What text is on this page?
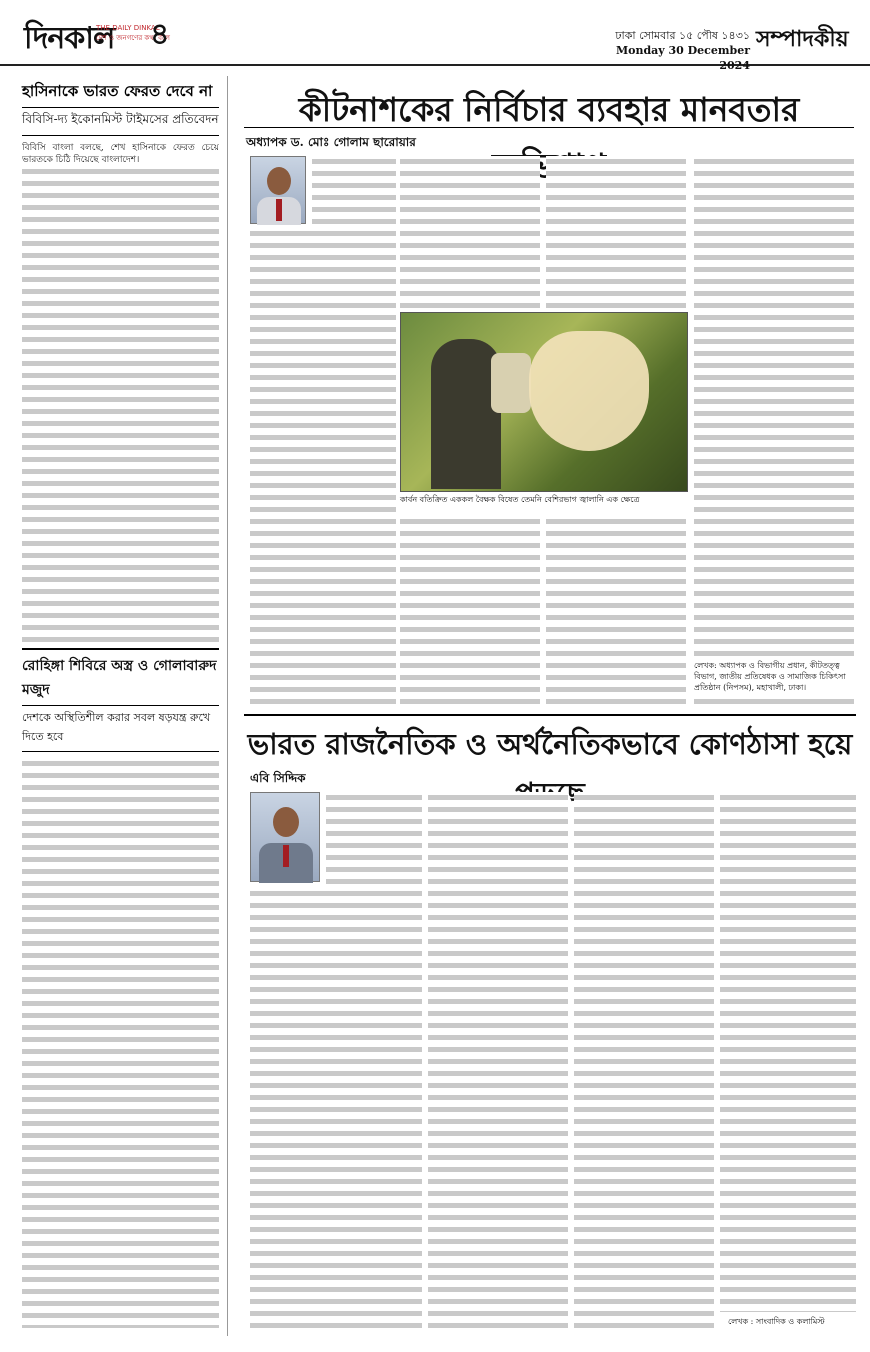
দিনকাল
THE DAILY DINKAL
দেশ ও জনগণের কথা বলে
৪	ঢাকা সোমবার ১৫ পৌষ ১৪৩১
Monday 30 December 2024
সম্পাদকীয়
হাসিনাকে ভারত ফেরত দেবে না
বিবিসি-দ্য ইকোনমিস্ট টাইমসের প্রতিবেদন

বিবিসি বাংলা বলছে, শেখ হাসিনাকে ফেরত চেয়ে ভারতকে চিঠি দিয়েছে বাংলাদেশ।

রোহিঙ্গা শিবিরে অস্ত্র ও গোলাবারুদ মজুদ
দেশকে অস্থিতিশীল করার সবল ষড়যন্ত্র রুখে দিতে হবে
কীটনাশকের নির্বিচার ব্যবহার মানবতার
অধ্যাপক ড. মোঃ গোলাম ছারোয়ার
কার্বন বতিক্রিত এককল বৈক্ষক বিষেত তেমনি বেশিরভাগ জ্বালানি এক ক্ষেত্রে
লেখক: অধ্যাপক ও বিভাগীয় প্রধান, কীটতত্ত্ব বিভাগ, জাতীয় প্রতিষেধক ও সামাজিক চিকিৎসা প্রতিষ্ঠান (নিপসম), মহাখালী, ঢাকা।
ভারত রাজনৈতিক ও অর্থনৈতিকভাবে কোণঠাসা হয়ে
এবি সিদ্দিক
লেখক : সাংবাদিক ও কলামিস্ট
